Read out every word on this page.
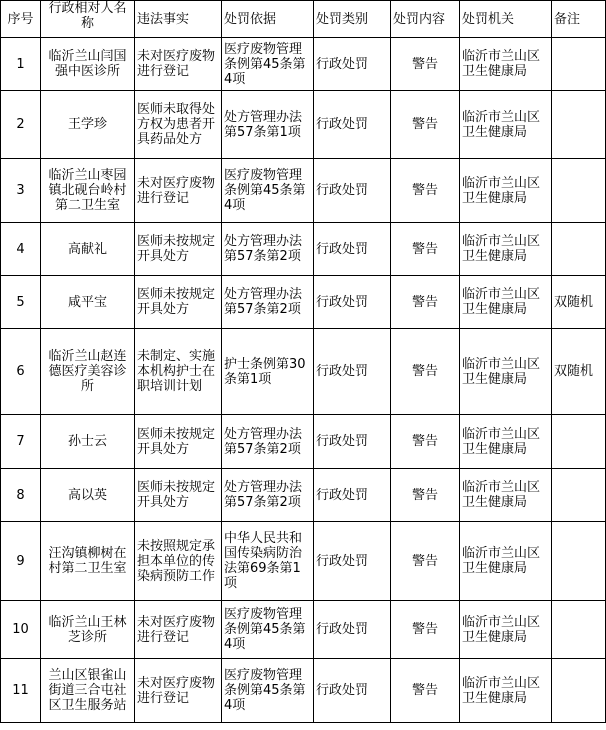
序号	行政相对人名称	违法事实	处罚依据	处罚类别	处罚内容	处罚机关	备注
1	临沂兰山闫国强中医诊所	未对医疗废物进行登记	医疗废物管理条例第45条第4项	行政处罚	警告	临沂市兰山区卫生健康局	
2	王学珍	医师未取得处方权为患者开具药品处方	处方管理办法第57条第1项	行政处罚	警告	临沂市兰山区卫生健康局	
3	临沂兰山枣园镇北砚台岭村第二卫生室	未对医疗废物进行登记	医疗废物管理条例第45条第4项	行政处罚	警告	临沂市兰山区卫生健康局	
4	高献礼	医师未按规定开具处方	处方管理办法第57条第2项	行政处罚	警告	临沂市兰山区卫生健康局	
5	咸平宝	医师未按规定开具处方	处方管理办法第57条第2项	行政处罚	警告	临沂市兰山区卫生健康局	双随机
6	临沂兰山赵连德医疗美容诊所	未制定、实施本机构护士在职培训计划	护士条例第30条第1项	行政处罚	警告	临沂市兰山区卫生健康局	双随机
7	孙士云	医师未按规定开具处方	处方管理办法第57条第2项	行政处罚	警告	临沂市兰山区卫生健康局	
8	高以英	医师未按规定开具处方	处方管理办法第57条第2项	行政处罚	警告	临沂市兰山区卫生健康局	
9	汪沟镇柳树在村第二卫生室	未按照规定承担本单位的传染病预防工作	中华人民共和国传染病防治法第69条第1项	行政处罚	警告	临沂市兰山区卫生健康局	
10	临沂兰山王林芝诊所	未对医疗废物进行登记	医疗废物管理条例第45条第4项	行政处罚	警告	临沂市兰山区卫生健康局	
11	兰山区银雀山街道三合屯社区卫生服务站	未对医疗废物进行登记	医疗废物管理条例第45条第4项	行政处罚	警告	临沂市兰山区卫生健康局	
